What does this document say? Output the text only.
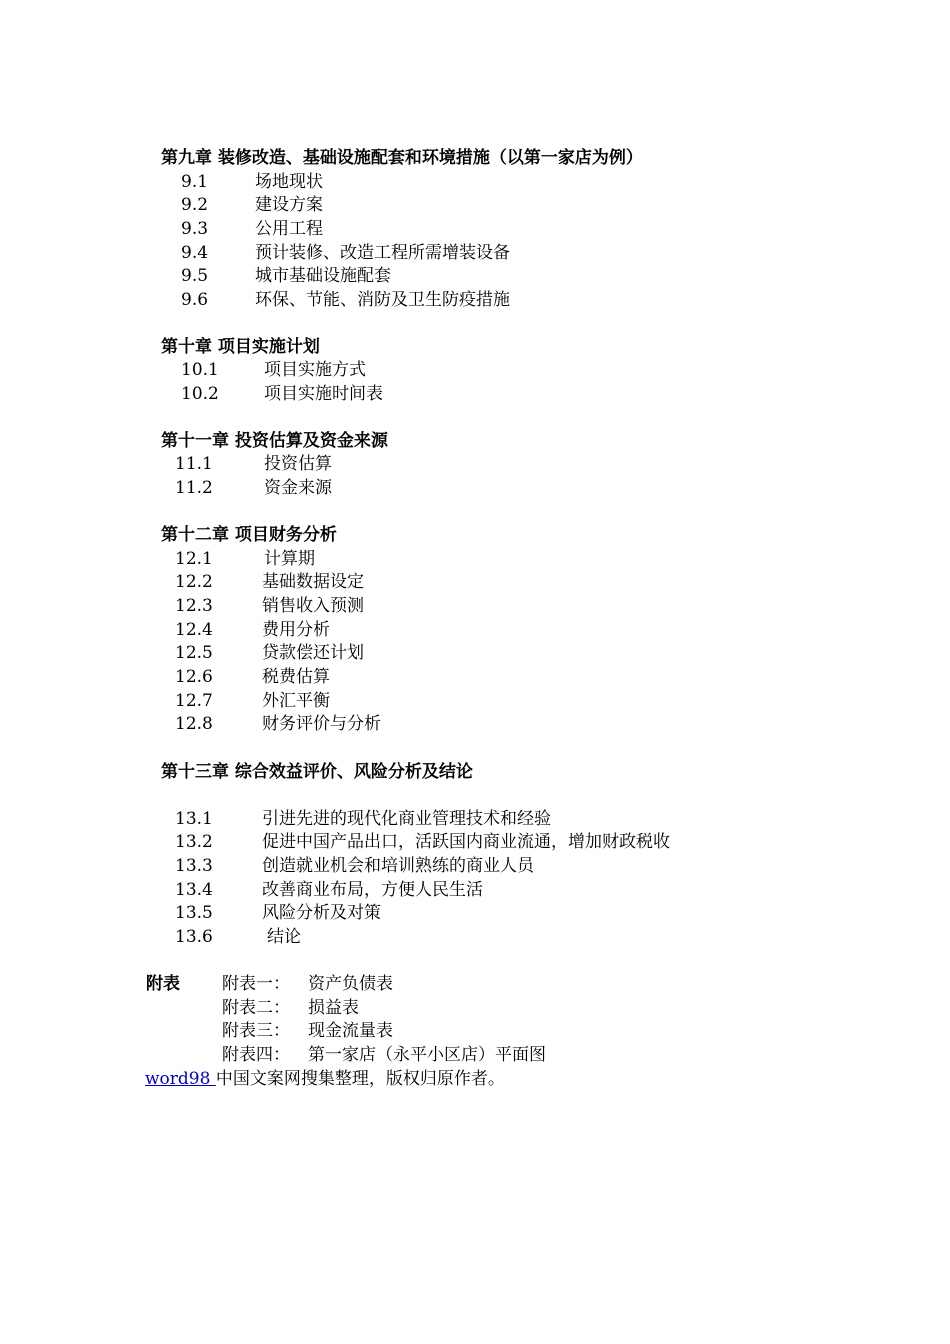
第九章 装修改造、基础设施配套和环境措施（以第一家店为例）
9.1	场地现状
9.2	建设方案
9.3	公用工程
9.4	预计装修、改造工程所需增装设备
9.5	城市基础设施配套
9.6	环保、节能、消防及卫生防疫措施
第十章 项目实施计划
10.1	项目实施方式
10.2	项目实施时间表
第十一章 投资估算及资金来源
11.1	投资估算
11.2	资金来源
第十二章 项目财务分析
12.1	计算期
12.2	基础数据设定
12.3	销售收入预测
12.4	费用分析
12.5	贷款偿还计划
12.6	税费估算
12.7	外汇平衡
12.8	财务评价与分析
第十三章 综合效益评价、风险分析及结论
13.1	引进先进的现代化商业管理技术和经验
13.2	促进中国产品出口，活跃国内商业流通，增加财政税收
13.3	创造就业机会和培训熟练的商业人员
13.4	改善商业布局，方便人民生活
13.5	风险分析及对策
13.6	结论
附表 附表一： 资产负债表
附表二： 损益表
附表三： 现金流量表
附表四： 第一家店（永平小区店）平面图
word98 中国文案网搜集整理，版权归原作者。
